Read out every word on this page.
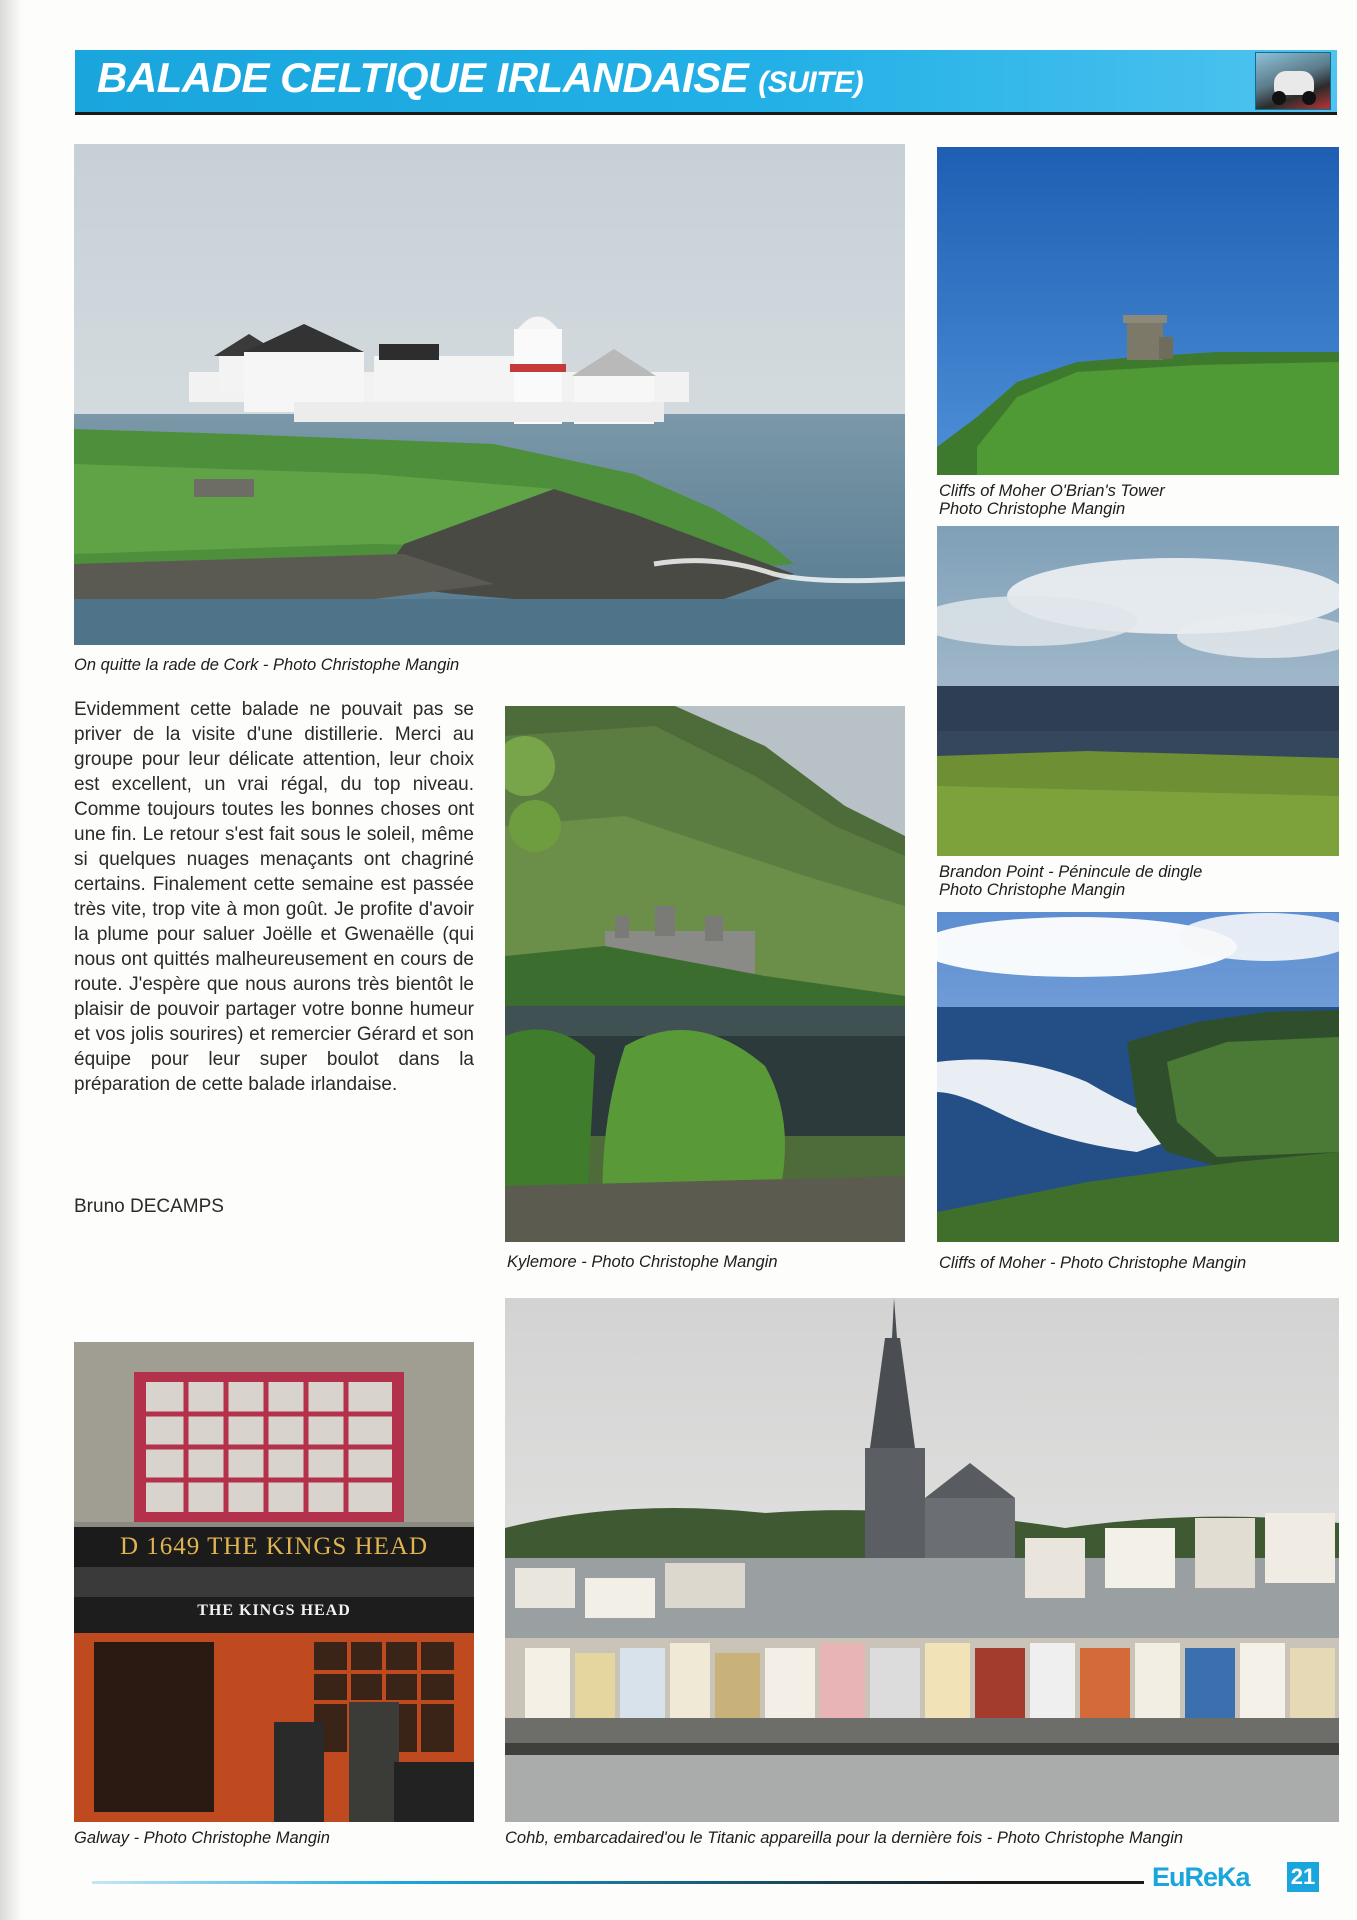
BALADE CELTIQUE IRLANDAISE (SUITE)
On quitte la rade de Cork - Photo Christophe Mangin
Cliffs of Moher O'Brian's Tower
Photo Christophe Mangin
Brandon Point - Pénincule de dingle
Photo Christophe Mangin
Kylemore - Photo Christophe Mangin	Cliffs of Moher - Photo Christophe Mangin
Evidemment cette balade ne pouvait pas se priver de la visite d'une distillerie. Merci au groupe pour leur délicate attention, leur choix est excellent, un vrai régal, du top niveau. Comme toujours toutes les bonnes choses ont une fin. Le retour s'est fait sous le soleil, même si quelques nuages menaçants ont chagriné certains. Finalement cette semaine est passée très vite, trop vite à mon goût. Je profite d'avoir la plume pour saluer Joëlle et Gwenaëlle (qui nous ont quittés malheureusement en cours de route. J'espère que nous aurons très bientôt le plaisir de pouvoir partager votre bonne humeur et vos jolis sourires) et remercier Gérard et son équipe pour leur super boulot dans la préparation de cette balade irlandaise.
Bruno DECAMPS
D 1649 THE KINGS HEAD
THE KINGS HEAD
Galway - Photo Christophe Mangin	Cohb, embarcadaired'ou le Titanic appareilla pour la dernière fois - Photo Christophe Mangin
EuReKa 21
